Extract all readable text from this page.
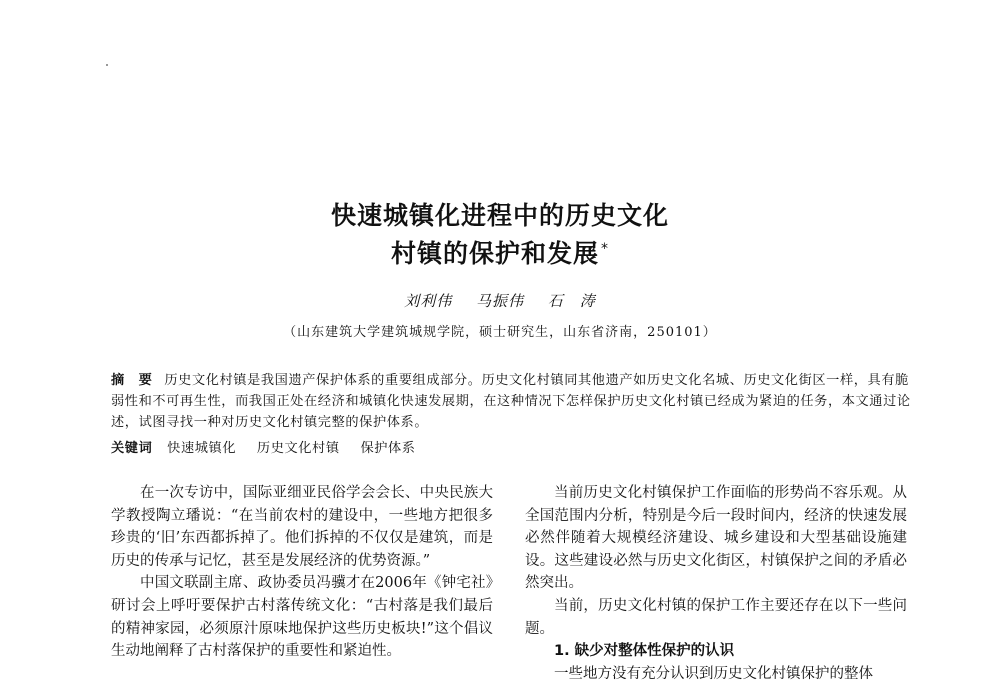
快速城镇化进程中的历史文化
村镇的保护和发展 *
刘利伟 马振伟 石　涛
（山东建筑大学建筑城规学院，硕士研究生，山东省济南，250101）
摘　要 历史文化村镇是我国遗产保护体系的重要组成部分。历史文化村镇同其他遗产如历史文化名城、历史文化街区一样，具有脆弱性和不可再生性，而我国正处在经济和城镇化快速发展期，在这种情况下怎样保护历史文化村镇已经成为紧迫的任务，本文通过论述，试图寻找一种对历史文化村镇完整的保护体系。
关键词 快速城镇化 历史文化村镇 保护体系

在一次专访中，国际亚细亚民俗学会会长、中央民族大学教授陶立璠说：“在当前农村的建设中，一些地方把很多珍贵的‘旧’东西都拆掉了。他们拆掉的不仅仅是建筑，而是历史的传承与记忆，甚至是发展经济的优势资源。”

中国文联副主席、政协委员冯骥才在2006年《钟宅社》研讨会上呼吁要保护古村落传统文化：“古村落是我们最后的精神家园，必须原汁原味地保护这些历史板块!”这个倡议生动地阐释了古村落保护的重要性和紧迫性。

当前历史文化村镇保护工作面临的形势尚不容乐观。从全国范围内分析，特别是今后一段时间内，经济的快速发展必然伴随着大规模经济建设、城乡建设和大型基础设施建设。这些建设必然与历史文化街区，村镇保护之间的矛盾必然突出。

当前，历史文化村镇的保护工作主要还存在以下一些问题。

1. 缺少对整体性保护的认识

一些地方没有充分认识到历史文化村镇保护的整体
